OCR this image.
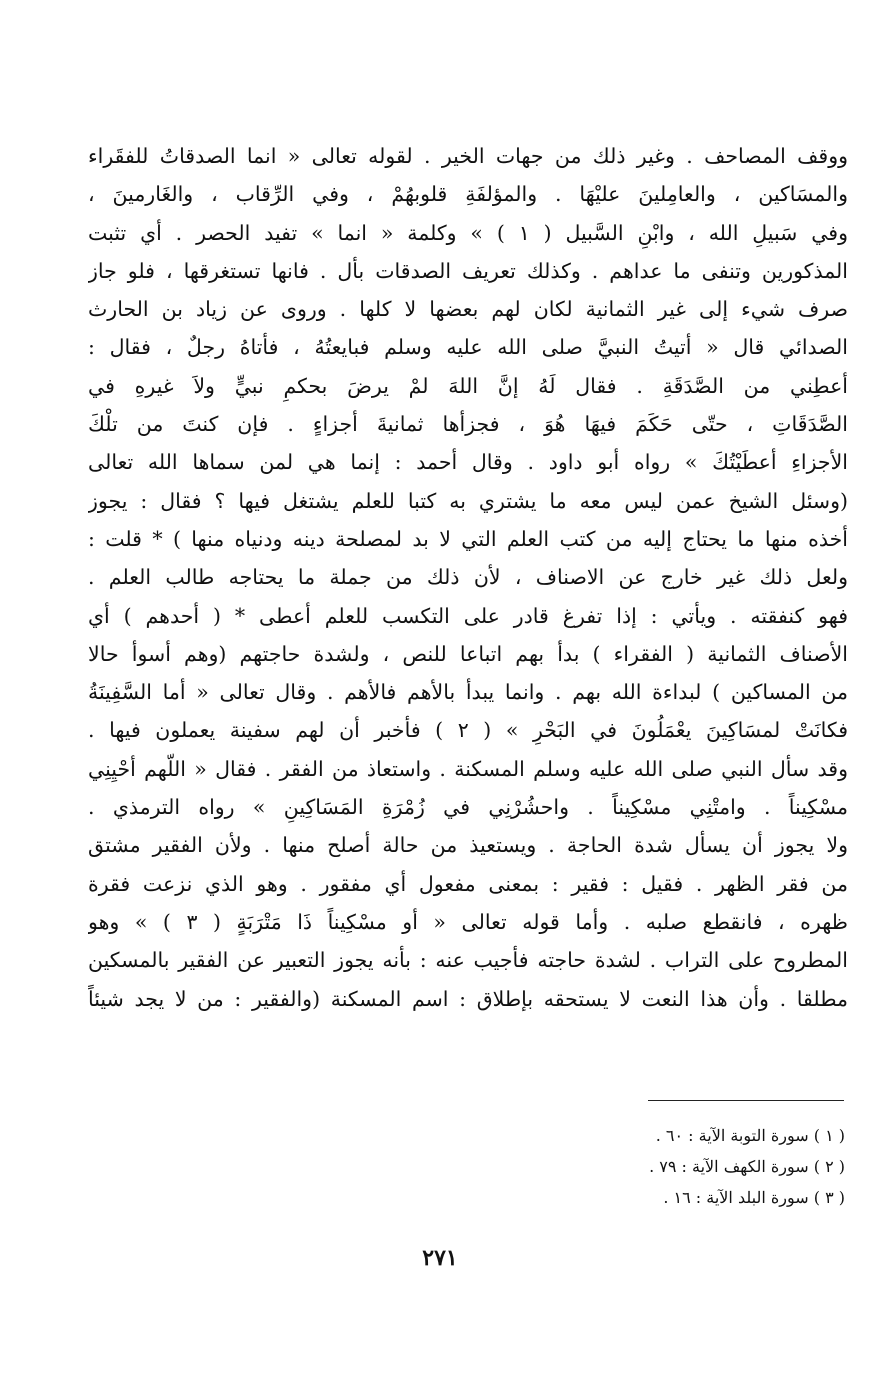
ووقف المصاحف . وغير ذلك من جهات الخير . لقوله تعالى « انما الصدقاتُ للفقَراء
والمسَاكين ، والعامِلينَ عليْهَا . والمؤلفَةِ قلوبهُمْ ، وفي الرِّقاب ، والغَارمينَ ،
وفي سَبيلِ الله ، وابْنِ السَّبيل ( ١ ) » وكلمة « انما » تفيد الحصر . أي تثبت
المذكورين وتنفى ما عداهم . وكذلك تعريف الصدقات بأل . فانها تستغرقها ، فلو جاز
صرف شيء إلى غير الثمانية لكان لهم بعضها لا كلها . وروى عن زياد بن الحارث
الصدائي قال « أتيتُ النبيَّ صلى الله عليه وسلم فبايعتُهُ ، فأتاهُ رجلٌ ، فقال :
أعطِني من الصَّدَقَةِ . فقال لَهُ إنَّ اللهَ لمْ يرضَ بحكمِ نبيٍّ ولاَ غيرهِ في
الصَّدَقَاتِ ، حتّى حَكَمَ فيهَا هُوَ ، فجزأها ثمانيةَ أجزاءٍ . فإن كنتَ من تلْكَ
الأجزاءِ أعطَيْتُكَ » رواه أبو داود . وقال أحمد : إنما هي لمن سماها الله تعالى
(وسئل الشيخ عمن ليس معه ما يشتري به كتبا للعلم يشتغل فيها ؟ فقال : يجوز
أخذه منها ما يحتاج إليه من كتب العلم التي لا بد لمصلحة دينه ودنياه منها ) * قلت :
ولعل ذلك غير خارج عن الاصناف ، لأن ذلك من جملة ما يحتاجه طالب العلم .
فهو كنفقته . ويأتي : إذا تفرغ قادر على التكسب للعلم أعطى * ( أحدهم ) أي
الأصناف الثمانية ( الفقراء ) بدأ بهم اتباعا للنص ، ولشدة حاجتهم (وهم أسوأ حالا
من المساكين ) لبداءة الله بهم . وانما يبدأ بالأهم فالأهم . وقال تعالى « أما السَّفِينَةُ
فكانَتْ لمسَاكِينَ يعْمَلُونَ في البَحْرِ » ( ٢ ) فأخبر أن لهم سفينة يعملون فيها .
وقد سأل النبي صلى الله عليه وسلم المسكنة . واستعاذ من الفقر . فقال « اللّهم أحْيِنِي
مسْكِيناً . وامتْنِي مسْكِيناً . واحشُرْنِي في زُمْرَةِ المَسَاكِينِ » رواه الترمذي .
ولا يجوز أن يسأل شدة الحاجة . ويستعيذ من حالة أصلح منها . ولأن الفقير مشتق
من فقر الظهر . فقيل : فقير : بمعنى مفعول أي مفقور . وهو الذي نزعت فقرة
ظهره ، فانقطع صلبه . وأما قوله تعالى « أو مسْكِيناً ذَا مَتْرَبَةٍ ( ٣ ) » وهو
المطروح على التراب . لشدة حاجته فأجيب عنه : بأنه يجوز التعبير عن الفقير بالمسكين
مطلقا . وأن هذا النعت لا يستحقه بإطلاق : اسم المسكنة (والفقير : من لا يجد شيئاً
( ١ ) سورة التوبة الآية : ٦٠ .
( ٢ ) سورة الكهف الآية : ٧٩ .
( ٣ ) سورة البلد الآية : ١٦ .
٢٧١
